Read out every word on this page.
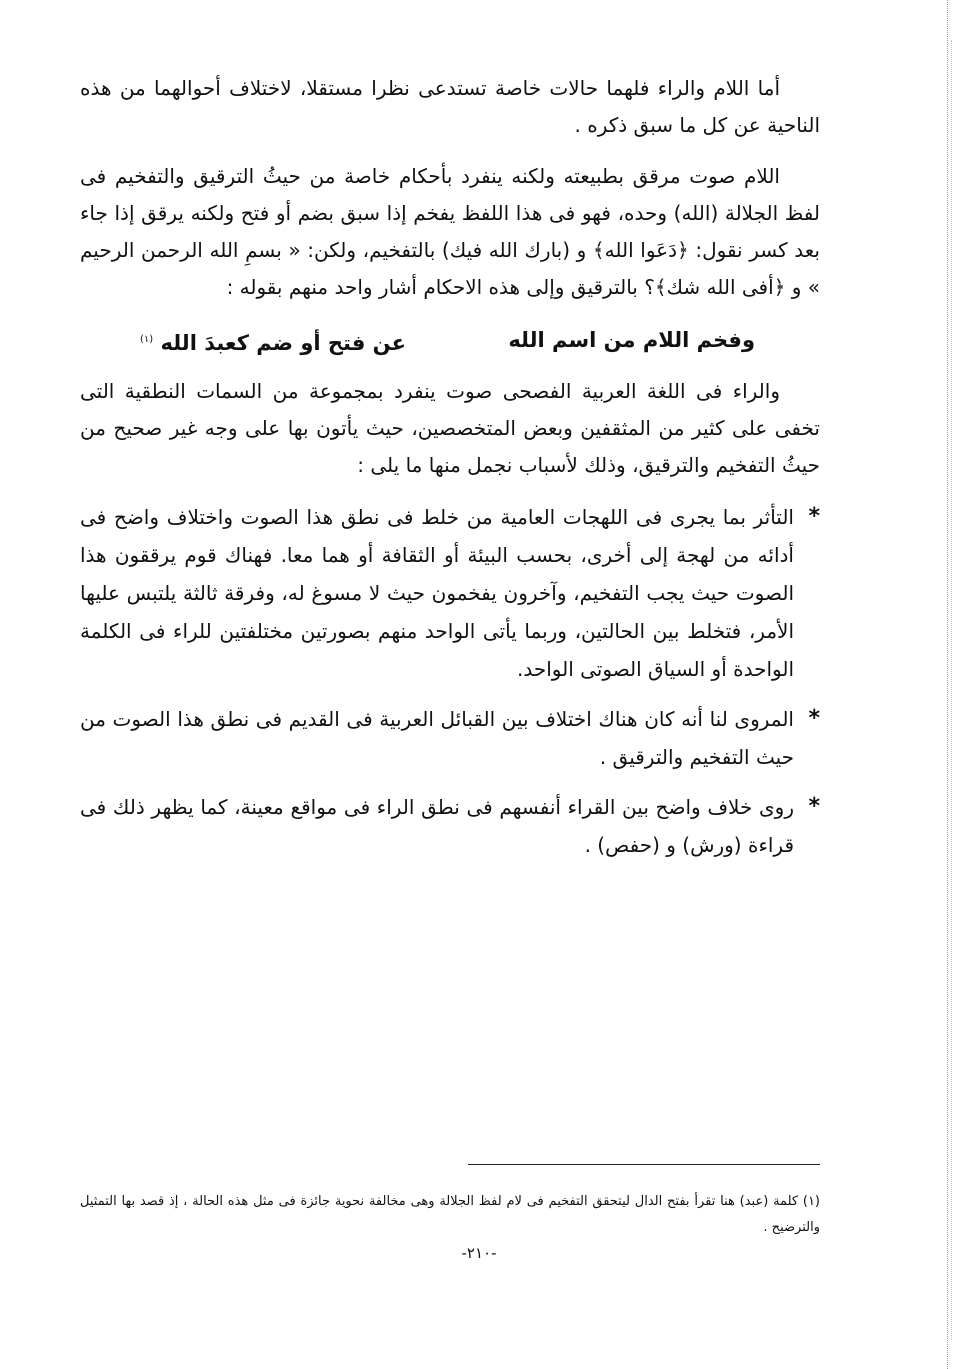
أما اللام والراء فلهما حالات خاصة تستدعى نظرا مستقلا، لاختلاف أحوالهما من هذه الناحية عن كل ما سبق ذكره .

اللام صوت مرقق بطبيعته ولكنه ينفرد بأحكام خاصة من حيثُ الترقيق والتفخيم فى لفظ الجلالة (الله) وحده، فهو فى هذا اللفظ يفخم إذا سبق بضم أو فتح ولكنه يرقق إذا جاء بعد كسر نقول: ﴿دَعَوا الله﴾ و (بارك الله فيك) بالتفخيم، ولكن: « بسمِ الله الرحمن الرحيم » و ﴿أفى الله شك﴾؟ بالترقيق وإلى هذه الاحكام أشار واحد منهم بقوله :

وفخم اللام من اسم الله
عن فتح أو ضم كعبدَ الله $^{(١)}$

والراء فى اللغة العربية الفصحى صوت ينفرد بمجموعة من السمات النطقية التى تخفى على كثير من المثقفين وبعض المتخصصين، حيث يأتون بها على وجه غير صحيح من حيثُ التفخيم والترقيق، وذلك لأسباب نجمل منها ما يلى :

*
التأثر بما يجرى فى اللهجات العامية من خلط فى نطق هذا الصوت واختلاف واضح فى أدائه من لهجة إلى أخرى، بحسب البيئة أو الثقافة أو هما معا. فهناك قوم يرققون هذا الصوت حيث يجب التفخيم، وآخرون يفخمون حيث لا مسوغ له، وفرقة ثالثة يلتبس عليها الأمر، فتخلط بين الحالتين، وربما يأتى الواحد منهم بصورتين مختلفتين للراء فى الكلمة الواحدة أو السياق الصوتى الواحد.
*
المروى لنا أنه كان هناك اختلاف بين القبائل العربية فى القديم فى نطق هذا الصوت من حيث التفخيم والترقيق .
*
روى خلاف واضح بين القراء أنفسهم فى نطق الراء فى مواقع معينة، كما يظهر ذلك فى قراءة (ورش) و (حفص) .

(١) كلمة (عبد) هنا تقرأ بفتح الدال ليتحقق التفخيم فى لام لفظ الجلالة وهى مخالفة نحوية جائزة فى مثل هذه الحالة ، إذ قصد بها التمثيل والترضيح .

-٢١٠-
